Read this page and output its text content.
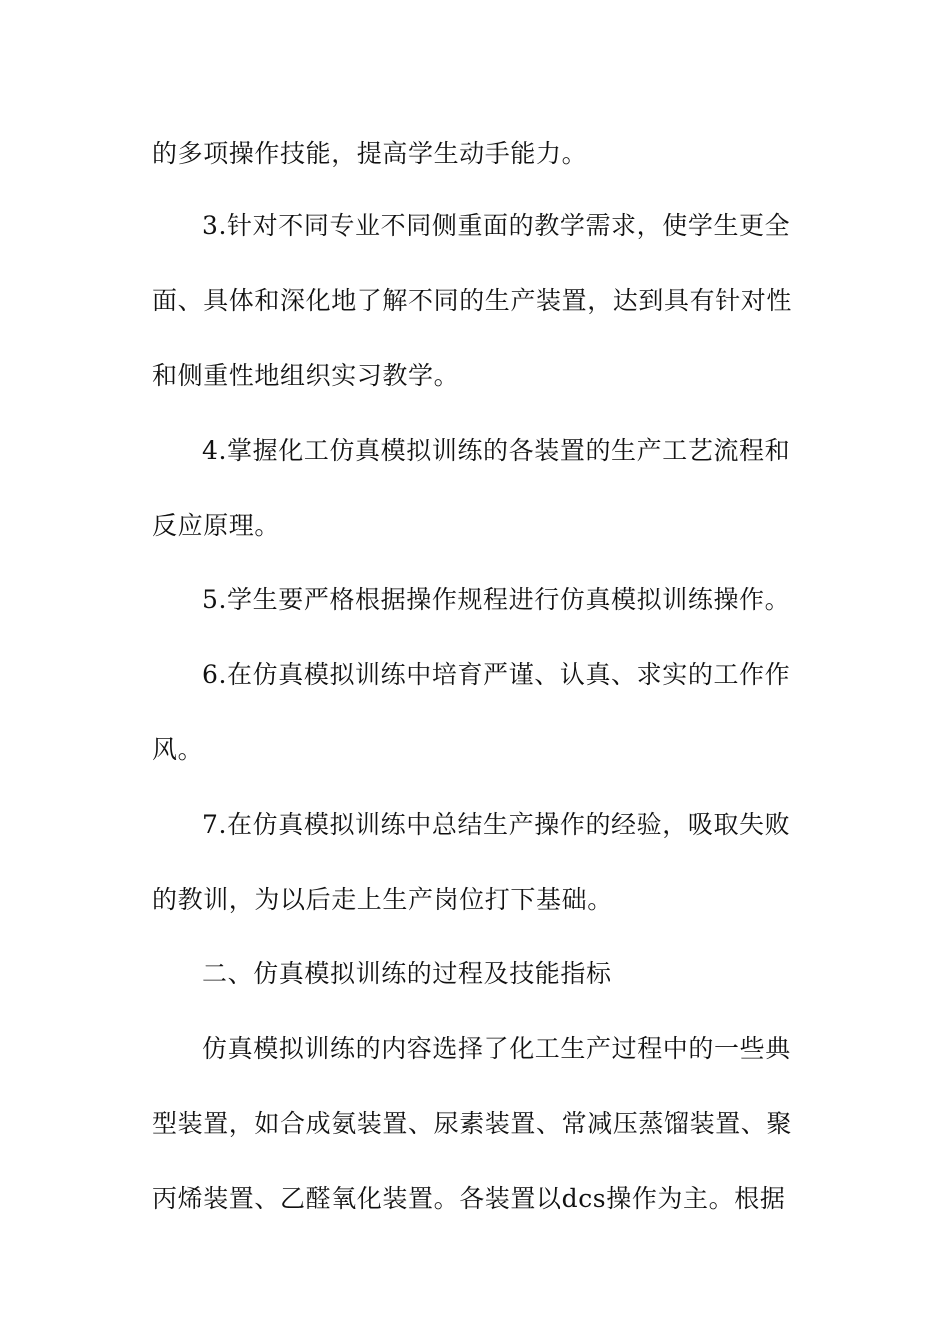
的多项操作技能，提高学生动手能力。
3.针对不同专业不同侧重面的教学需求，使学生更全
面、具体和深化地了解不同的生产装置，达到具有针对性
和侧重性地组织实习教学。
4.掌握化工仿真模拟训练的各装置的生产工艺流程和
反应原理。
5.学生要严格根据操作规程进行仿真模拟训练操作。
6.在仿真模拟训练中培育严谨、认真、求实的工作作
风。
7.在仿真模拟训练中总结生产操作的经验，吸取失败
的教训，为以后走上生产岗位打下基础。
二、仿真模拟训练的过程及技能指标
仿真模拟训练的内容选择了化工生产过程中的一些典
型装置，如合成氨装置、尿素装置、常减压蒸馏装置、聚
丙烯装置、乙醛氧化装置。各装置以dcs操作为主。根据
